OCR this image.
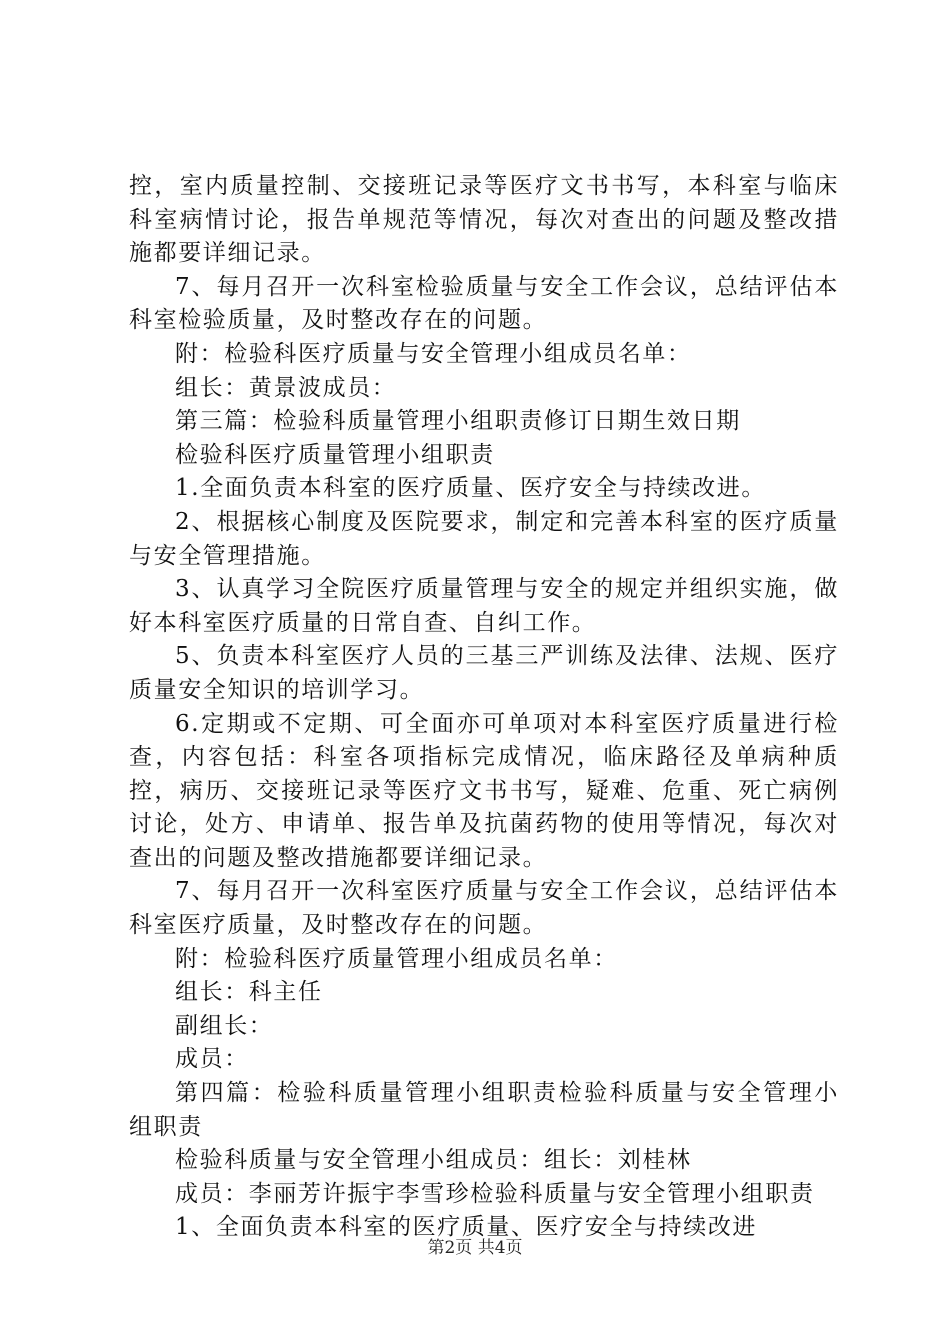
控，室内质量控制、交接班记录等医疗文书书写，本科室与临床科室病情讨论，报告单规范等情况，每次对查出的问题及整改措施都要详细记录。

7、每月召开一次科室检验质量与安全工作会议，总结评估本科室检验质量，及时整改存在的问题。

附：检验科医疗质量与安全管理小组成员名单：

组长：黄景波成员：

第三篇：检验科质量管理小组职责修订日期生效日期

检验科医疗质量管理小组职责

1.全面负责本科室的医疗质量、医疗安全与持续改进。

2、根据核心制度及医院要求，制定和完善本科室的医疗质量与安全管理措施。

3、认真学习全院医疗质量管理与安全的规定并组织实施，做好本科室医疗质量的日常自查、自纠工作。

5、负责本科室医疗人员的三基三严训练及法律、法规、医疗质量安全知识的培训学习。

6.定期或不定期、可全面亦可单项对本科室医疗质量进行检查，内容包括：科室各项指标完成情况，临床路径及单病种质控，病历、交接班记录等医疗文书书写，疑难、危重、死亡病例讨论，处方、申请单、报告单及抗菌药物的使用等情况，每次对查出的问题及整改措施都要详细记录。

7、每月召开一次科室医疗质量与安全工作会议，总结评估本科室医疗质量，及时整改存在的问题。

附：检验科医疗质量管理小组成员名单：

组长：科主任

副组长：

成员：

第四篇：检验科质量管理小组职责检验科质量与安全管理小组职责

检验科质量与安全管理小组成员：组长：刘桂林

成员：李丽芳许振宇李雪珍检验科质量与安全管理小组职责

1、全面负责本科室的医疗质量、医疗安全与持续改进

第2页 共4页
